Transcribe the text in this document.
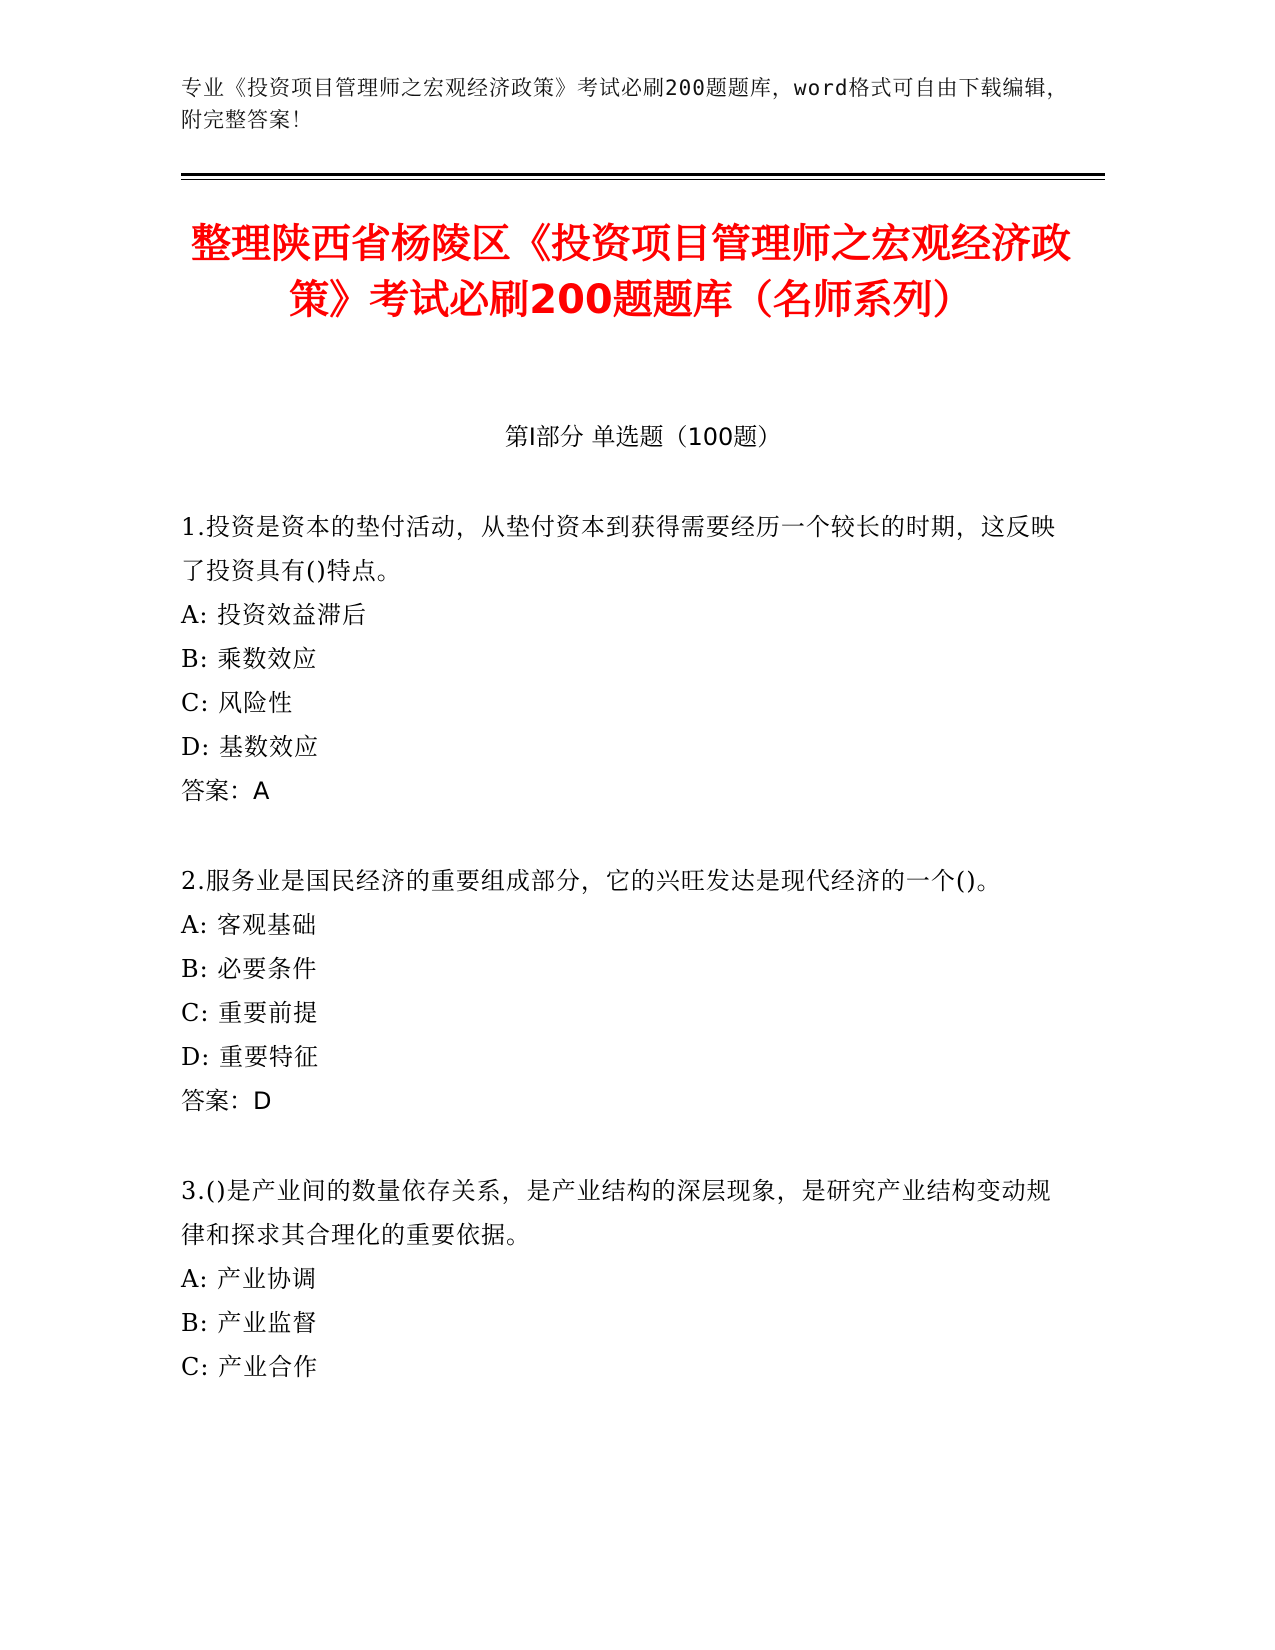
专业《投资项目管理师之宏观经济政策》考试必刷200题题库，word格式可自由下载编辑，附完整答案！
整理陕西省杨陵区《投资项目管理师之宏观经济政策》考试必刷200题题库（名师系列）
第Ⅰ部分 单选题（100题）

1.投资是资本的垫付活动，从垫付资本到获得需要经历一个较长的时期，这反映了投资具有()特点。

A: 投资效益滞后

B: 乘数效应

C: 风险性

D: 基数效应

答案：A

2.服务业是国民经济的重要组成部分，它的兴旺发达是现代经济的一个()。

A: 客观基础

B: 必要条件

C: 重要前提

D: 重要特征

答案：D

3.()是产业间的数量依存关系，是产业结构的深层现象，是研究产业结构变动规律和探求其合理化的重要依据。

A: 产业协调

B: 产业监督

C: 产业合作
